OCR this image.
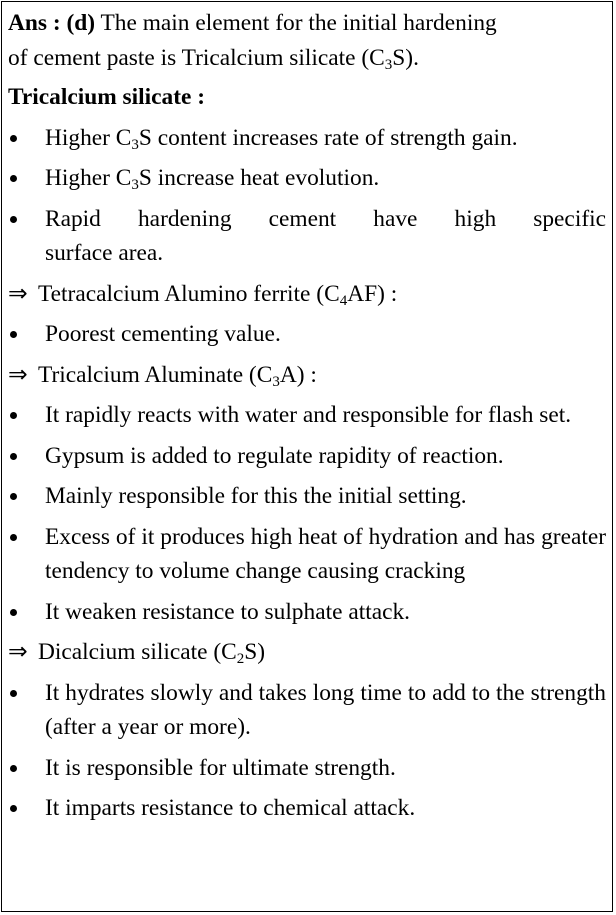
Ans : (d) The main element for the initial hardening
of cement paste is Tricalcium silicate $(C_3S)$.
Tricalcium silicate :
Higher $C_3S$ content increases rate of strength gain.
Higher $C_3S$ increase heat evolution.
Rapid hardening cement have high specific
surface area.
⇒ Tetracalcium Alumino ferrite $(C_4AF)$ :
Poorest cementing value.
⇒ Tricalcium Aluminate $(C_3A)$ :
It rapidly reacts with water and responsible for flash set.
Gypsum is added to regulate rapidity of reaction.
Mainly responsible for this the initial setting.
Excess of it produces high heat of hydration and has greater tendency to volume change causing cracking
It weaken resistance to sulphate attack.
⇒ Dicalcium silicate $(C_2S)$
It hydrates slowly and takes long time to add to the strength (after a year or more).
It is responsible for ultimate strength.
It imparts resistance to chemical attack.
